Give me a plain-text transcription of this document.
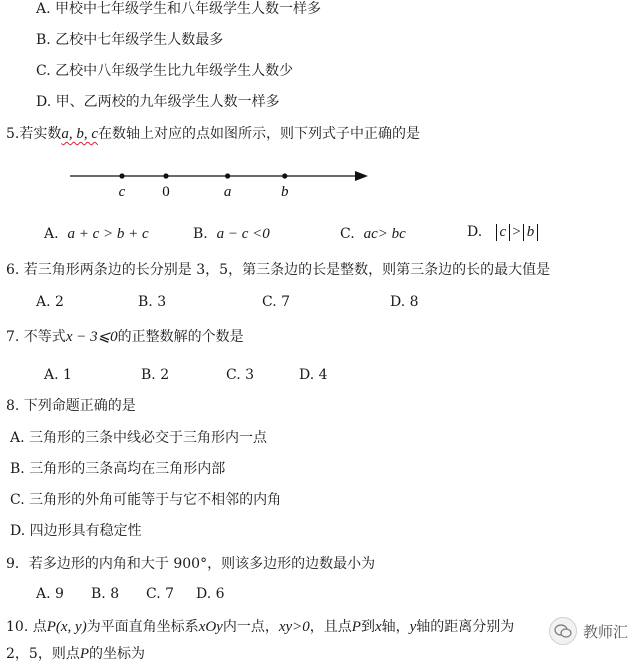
A. 甲校中七年级学生和八年级学生人数一样多
B. 乙校中七年级学生人数最多
C. 乙校中八年级学生比九年级学生人数少
D. 甲、乙两校的九年级学生人数一样多
5.若实数a, b, c在数轴上对应的点如图所示，则下列式子中正确的是
c 0	a	b
A. a + c > b + c	B. a − c <0	C. ac> bc	D. c > b
6. 若三角形两条边的长分别是 3，5，第三条边的长是整数，则第三条边的长的最大值是
A. 2	B. 3	C. 7	D. 8
7. 不等式x − 3⩽0的正整数解的个数是
A. 1	B. 2	C. 3	D. 4
8. 下列命题正确的是
A. 三角形的三条中线必交于三角形内一点
B. 三角形的三条高均在三角形内部
C. 三角形的外角可能等于与它不相邻的内角
D. 四边形具有稳定性
9．若多边形的内角和大于 900°，则该多边形的边数最小为
A. 9 B. 8 C. 7 D. 6
10. 点P(x, y)为平面直角坐标系xOy内一点，xy>0，且点P到x轴，y轴的距离分别为
2，5，则点P的坐标为
教师汇
